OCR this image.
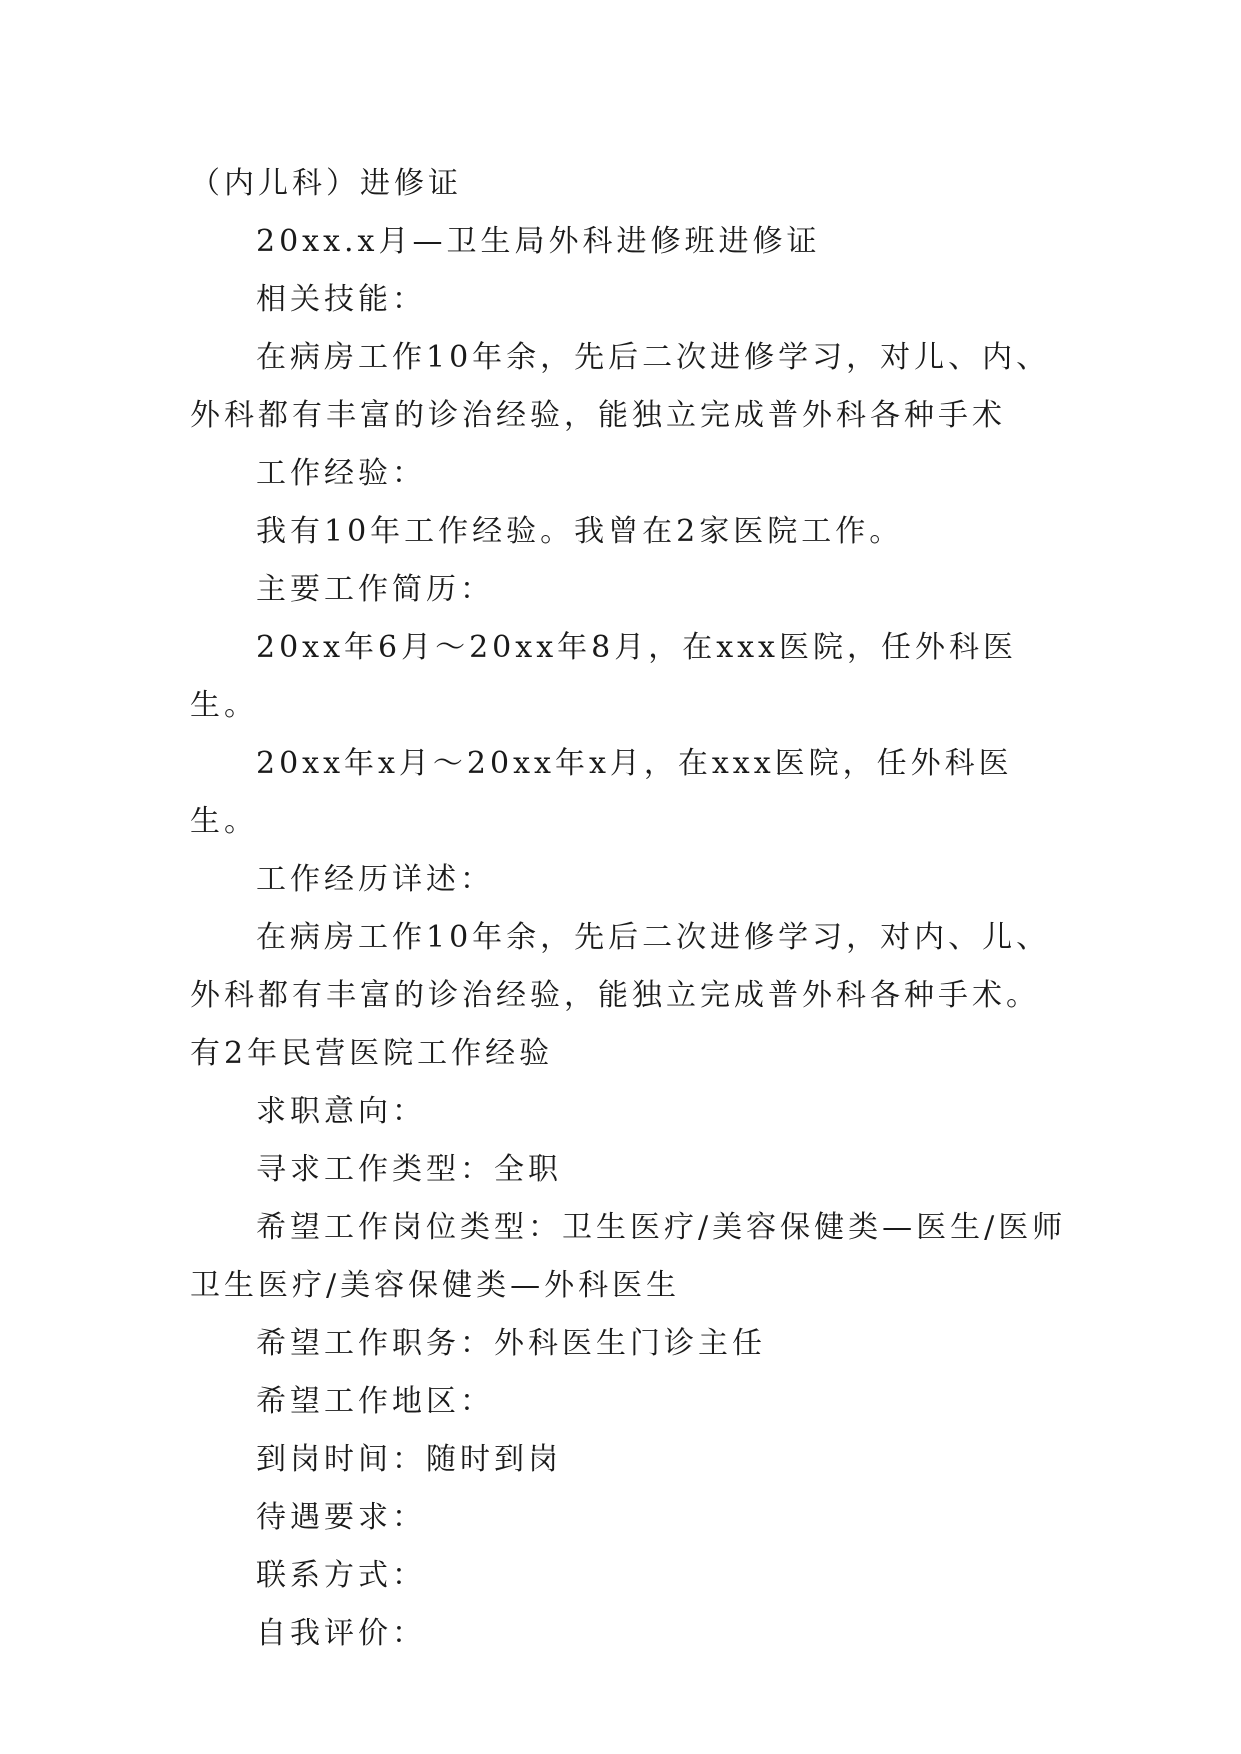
（内儿科）进修证

20xx.x月—卫生局外科进修班进修证

相关技能：

在病房工作10年余，先后二次进修学习，对儿、内、外科都有丰富的诊治经验，能独立完成普外科各种手术

工作经验：

我有10年工作经验。我曾在2家医院工作。

主要工作简历：

20xx年6月～20xx年8月，在xxx医院，任外科医生。

20xx年x月～20xx年x月，在xxx医院，任外科医生。

工作经历详述：

在病房工作10年余，先后二次进修学习，对内、儿、外科都有丰富的诊治经验，能独立完成普外科各种手术。有2年民营医院工作经验

求职意向：

寻求工作类型：全职

希望工作岗位类型：卫生医疗/美容保健类—医生/医师卫生医疗/美容保健类—外科医生

希望工作职务：外科医生门诊主任

希望工作地区：

到岗时间：随时到岗

待遇要求：

联系方式：

自我评价：
